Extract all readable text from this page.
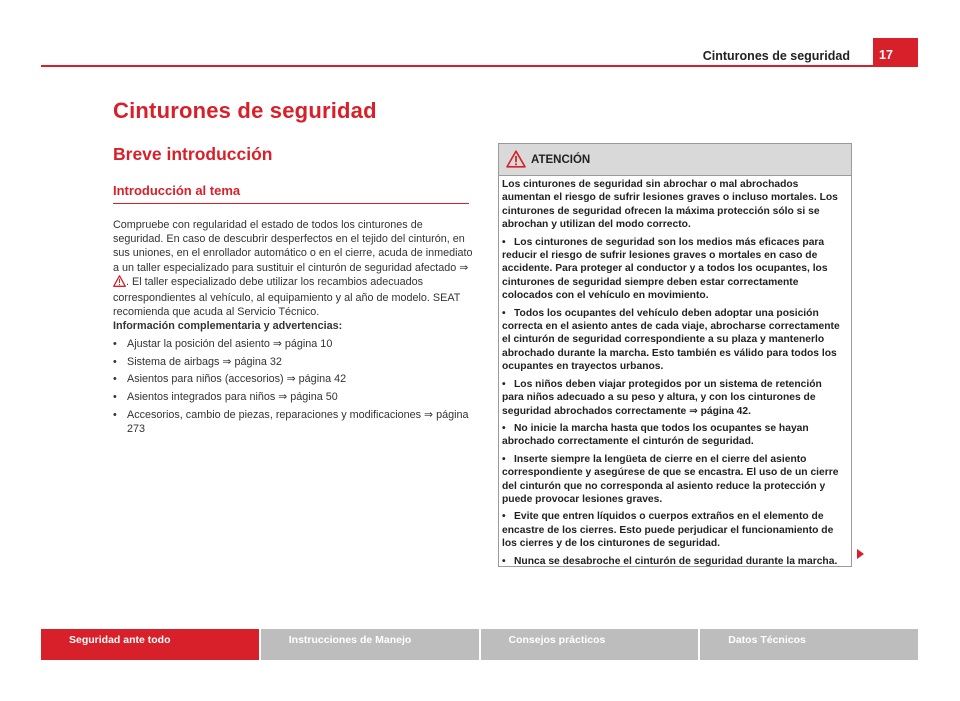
Cinturones de seguridad	17
Cinturones de seguridad
Breve introducción
Introducción al tema

Compruebe con regularidad el estado de todos los cinturones de seguridad. En caso de descubrir desperfectos en el tejido del cinturón, en sus uniones, en el enrollador automático o en el cierre, acuda de inmediato a un taller especializado para sustituir el cinturón de seguridad afectado ⇒ . El taller especializado debe utilizar los recambios adecuados correspondientes al vehículo, al equipamiento y al año de modelo. SEAT recomienda que acuda al Servicio Técnico.

Información complementaria y advertencias:
• Ajustar la posición del asiento ⇒ página 10
• Sistema de airbags ⇒ página 32
• Asientos para niños (accesorios) ⇒ página 42
• Asientos integrados para niños ⇒ página 50
• Accesorios, cambio de piezas, reparaciones y modificaciones ⇒ página 273
ATENCIÓN

Los cinturones de seguridad sin abrochar o mal abrochados aumentan el riesgo de sufrir lesiones graves o incluso mortales. Los cinturones de seguridad ofrecen la máxima protección sólo si se abrochan y utilizan del modo correcto.

• Los cinturones de seguridad son los medios más eficaces para reducir el riesgo de sufrir lesiones graves o mortales en caso de accidente. Para proteger al conductor y a todos los ocupantes, los cinturones de seguridad siempre deben estar correctamente colocados con el vehículo en movimiento.
• Todos los ocupantes del vehículo deben adoptar una posición correcta en el asiento antes de cada viaje, abrocharse correctamente el cinturón de seguridad correspondiente a su plaza y mantenerlo abrochado durante la marcha. Esto también es válido para todos los ocupantes en trayectos urbanos.
• Los niños deben viajar protegidos por un sistema de retención para niños adecuado a su peso y altura, y con los cinturones de seguridad abrochados correctamente ⇒ página 42.
• No inicie la marcha hasta que todos los ocupantes se hayan abrochado correctamente el cinturón de seguridad.
• Inserte siempre la lengüeta de cierre en el cierre del asiento correspondiente y asegúrese de que se encastra. El uso de un cierre del cinturón que no corresponda al asiento reduce la protección y puede provocar lesiones graves.
• Evite que entren líquidos o cuerpos extraños en el elemento de encastre de los cierres. Esto puede perjudicar el funcionamiento de los cierres y de los cinturones de seguridad.
• Nunca se desabroche el cinturón de seguridad durante la marcha.
Seguridad ante todo	Instrucciones de Manejo	Consejos prácticos	Datos Técnicos
